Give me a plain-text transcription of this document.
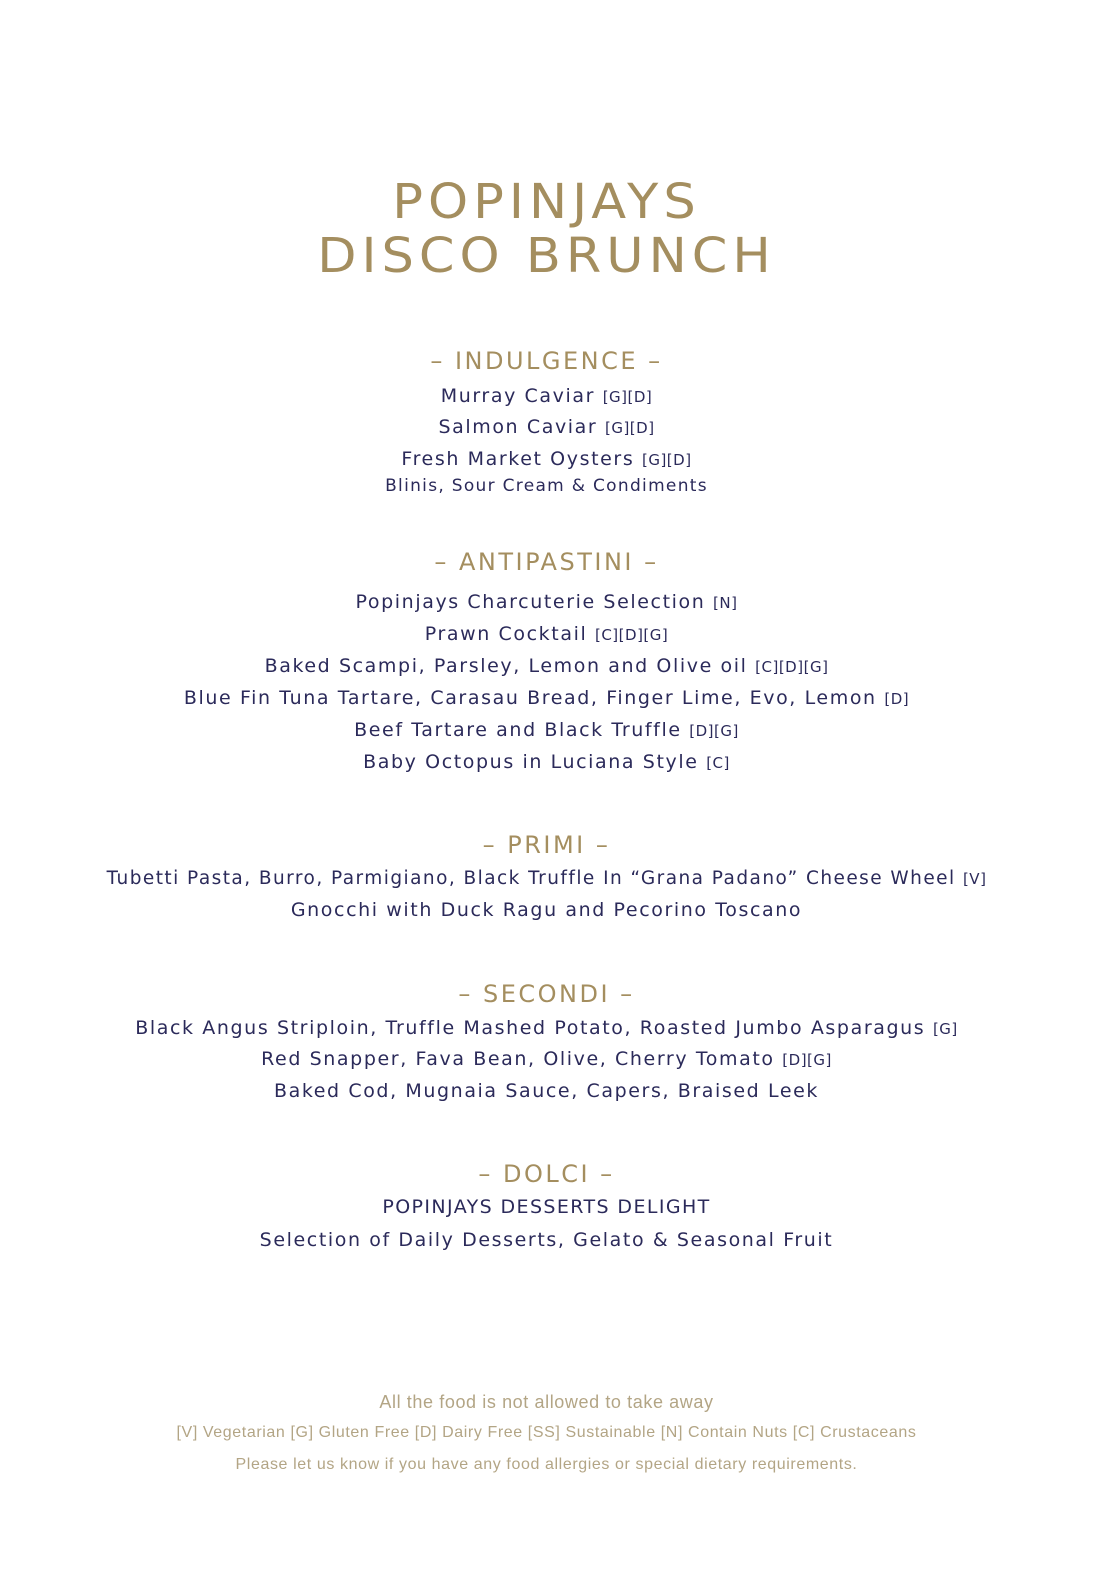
POPINJAYS
DISCO BRUNCH
– INDULGENCE –
Murray Caviar [G][D]
Salmon Caviar [G][D]
Fresh Market Oysters [G][D]
Blinis, Sour Cream & Condiments
– ANTIPASTINI –
Popinjays Charcuterie Selection [N]
Prawn Cocktail [C][D][G]
Baked Scampi, Parsley, Lemon and Olive oil [C][D][G]
Blue Fin Tuna Tartare, Carasau Bread, Finger Lime, Evo, Lemon [D]
Beef Tartare and Black Truffle [D][G]
Baby Octopus in Luciana Style [C]
– PRIMI –
Tubetti Pasta, Burro, Parmigiano, Black Truffle In “Grana Padano” Cheese Wheel [V]
Gnocchi with Duck Ragu and Pecorino Toscano
– SECONDI –
Black Angus Striploin, Truffle Mashed Potato, Roasted Jumbo Asparagus [G]
Red Snapper, Fava Bean, Olive, Cherry Tomato [D][G]
Baked Cod, Mugnaia Sauce, Capers, Braised Leek
– DOLCI –
POPINJAYS DESSERTS DELIGHT
Selection of Daily Desserts, Gelato & Seasonal Fruit
All the food is not allowed to take away
[V] Vegetarian [G] Gluten Free [D] Dairy Free [SS] Sustainable [N] Contain Nuts [C] Crustaceans
Please let us know if you have any food allergies or special dietary requirements.
